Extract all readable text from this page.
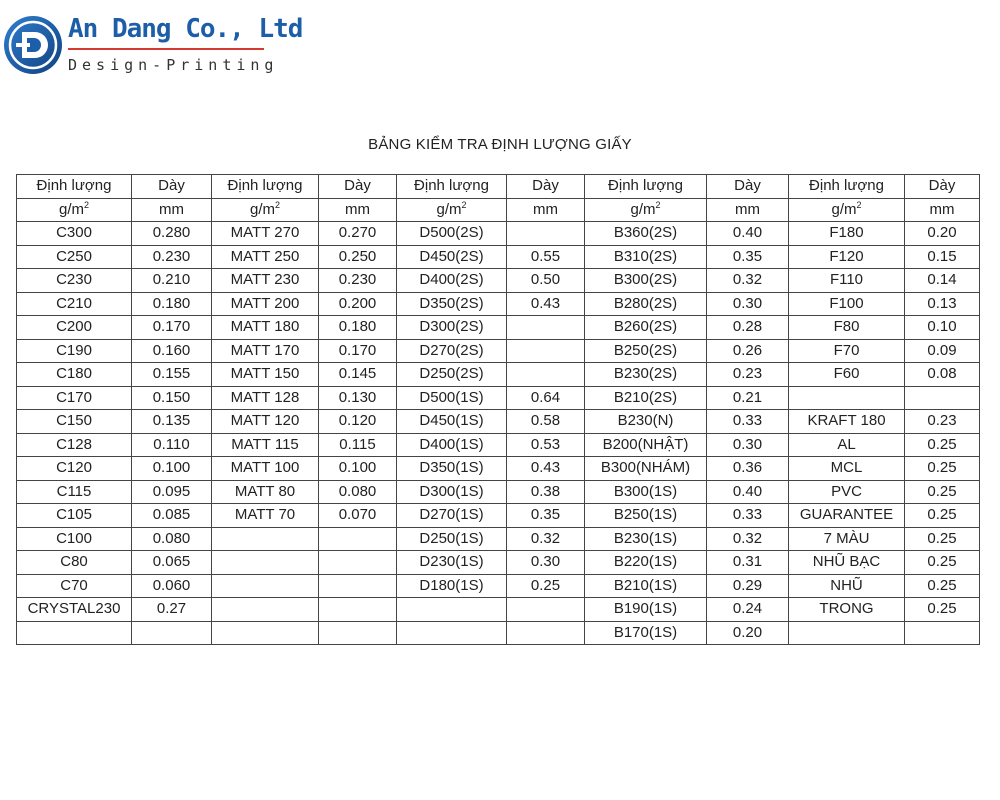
An Dang Co., Ltd
Design-Printing
BẢNG KIỂM TRA ĐỊNH LƯỢNG GIẤY
Định lượng	Dày	Định lượng	Dày	Định lượng	Dày	Định lượng	Dày	Định lượng	Dày
$g/m^2$	mm	$g/m^2$	mm	$g/m^2$	mm	$g/m^2$	mm	$g/m^2$	mm
C300	0.280	MATT 270	0.270	D500(2S)		B360(2S)	0.40	F180	0.20
C250	0.230	MATT 250	0.250	D450(2S)	0.55	B310(2S)	0.35	F120	0.15
C230	0.210	MATT 230	0.230	D400(2S)	0.50	B300(2S)	0.32	F110	0.14
C210	0.180	MATT 200	0.200	D350(2S)	0.43	B280(2S)	0.30	F100	0.13
C200	0.170	MATT 180	0.180	D300(2S)		B260(2S)	0.28	F80	0.10
C190	0.160	MATT 170	0.170	D270(2S)		B250(2S)	0.26	F70	0.09
C180	0.155	MATT 150	0.145	D250(2S)		B230(2S)	0.23	F60	0.08
C170	0.150	MATT 128	0.130	D500(1S)	0.64	B210(2S)	0.21		
C150	0.135	MATT 120	0.120	D450(1S)	0.58	B230(N)	0.33	KRAFT 180	0.23
C128	0.110	MATT 115	0.115	D400(1S)	0.53	B200(NHẬT)	0.30	AL	0.25
C120	0.100	MATT 100	0.100	D350(1S)	0.43	B300(NHÁM)	0.36	MCL	0.25
C115	0.095	MATT 80	0.080	D300(1S)	0.38	B300(1S)	0.40	PVC	0.25
C105	0.085	MATT 70	0.070	D270(1S)	0.35	B250(1S)	0.33	GUARANTEE	0.25
C100	0.080			D250(1S)	0.32	B230(1S)	0.32	7 MÀU	0.25
C80	0.065			D230(1S)	0.30	B220(1S)	0.31	NHŨ BẠC	0.25
C70	0.060			D180(1S)	0.25	B210(1S)	0.29	NHŨ	0.25
CRYSTAL230	0.27					B190(1S)	0.24	TRONG	0.25
						B170(1S)	0.20		
